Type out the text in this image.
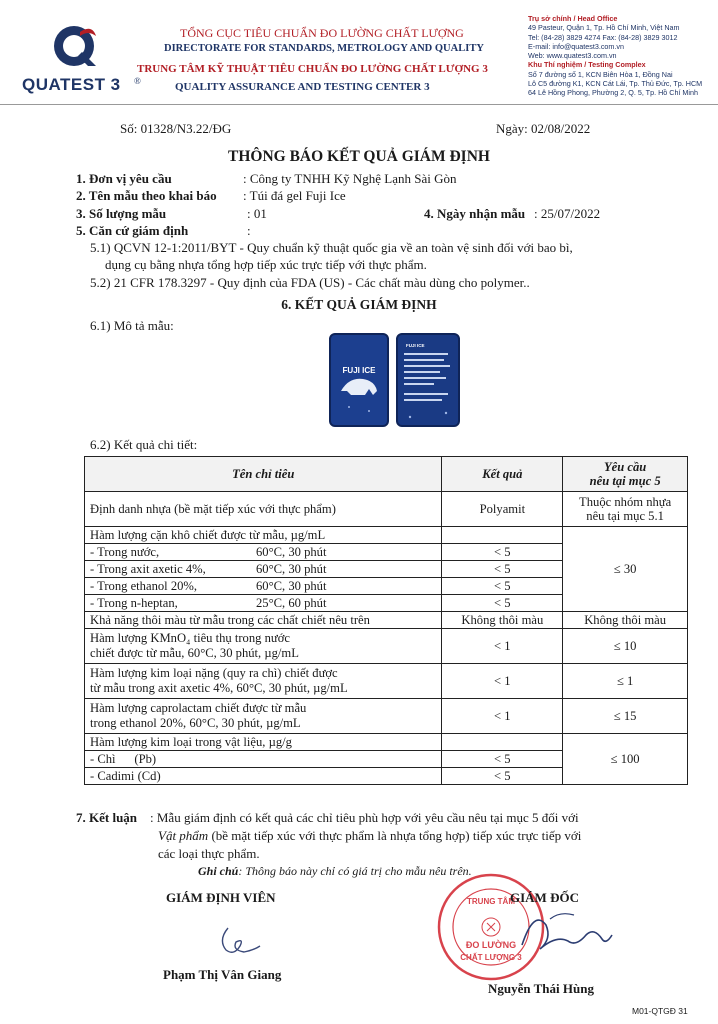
QUATEST 3 ®
TỔNG CỤC TIÊU CHUẨN ĐO LƯỜNG CHẤT LƯỢNG
DIRECTORATE FOR STANDARDS, METROLOGY AND QUALITY
TRUNG TÂM KỸ THUẬT TIÊU CHUẨN ĐO LƯỜNG CHẤT LƯỢNG 3
QUALITY ASSURANCE AND TESTING CENTER 3
Trụ sở chính / Head Office
49 Pasteur, Quận 1, Tp. Hồ Chí Minh, Việt Nam
Tel: (84-28) 3829 4274 Fax: (84-28) 3829 3012
E-mail: info@quatest3.com.vn
Web: www.quatest3.com.vn
Khu Thí nghiệm / Testing Complex
Số 7 đường số 1, KCN Biên Hòa 1, Đồng Nai
Lô C5 đường K1, KCN Cát Lái, Tp. Thủ Đức, Tp. HCM
64 Lê Hồng Phong, Phường 2, Q. 5, Tp. Hồ Chí Minh
Số: 01328/N3.22/ĐG	Ngày: 02/08/2022
THÔNG BÁO KẾT QUẢ GIÁM ĐỊNH
1. Đơn vị yêu cầu	: Công ty TNHH Kỹ Nghệ Lạnh Sài Gòn
2. Tên mẫu theo khai báo : Túi đá gel Fuji Ice
3. Số lượng mẫu	: 01	4. Ngày nhận mẫu : 25/07/2022
5. Căn cứ giám định	:
5.1) QCVN 12-1:2011/BYT - Quy chuẩn kỹ thuật quốc gia về an toàn vệ sinh đối với bao bì,
dụng cụ bằng nhựa tổng hợp tiếp xúc trực tiếp với thực phẩm.
5.2) 21 CFR 178.3297 - Quy định của FDA (US) - Các chất màu dùng cho polymer..
6. KẾT QUẢ GIÁM ĐỊNH
6.1) Mô tả mẫu:
FUJI ICE
FUJI ICE
6.2) Kết quả chi tiết:
Tên chỉ tiêu	Kết quả	Yêu cầu
nêu tại mục 5
Định danh nhựa (bề mặt tiếp xúc với thực phẩm)	Polyamit	Thuộc nhóm nhựa
nêu tại mục 5.1
Hàm lượng cặn khô chiết được từ mẫu, µg/mL		≤ 30
- Trong nước, 60°C, 30 phút	< 5	
- Trong axit axetic 4%, 60°C, 30 phút	< 5	
- Trong ethanol 20%, 60°C, 30 phút	< 5	
- Trong n-heptan, 25°C, 60 phút	< 5	
Khả năng thôi màu từ mẫu trong các chất chiết nêu trên	Không thôi màu	Không thôi màu
Hàm lượng KMnO₄ tiêu thụ trong nước
chiết được từ mẫu, 60°C, 30 phút, µg/mL	< 1	≤ 10
Hàm lượng kim loại nặng (quy ra chì) chiết được
từ mẫu trong axit axetic 4%, 60°C, 30 phút, µg/mL	< 1	≤ 1
Hàm lượng caprolactam chiết được từ mẫu
trong ethanol 20%, 60°C, 30 phút, µg/mL	< 1	≤ 15
Hàm lượng kim loại trong vật liệu, µg/g		≤ 100
- Chì      (Pb)	< 5	
- Cadimi (Cd)	< 5	
7. Kết luận : Mẫu giám định có kết quả các chỉ tiêu phù hợp với yêu cầu nêu tại mục 5 đối với
Vật phẩm (bề mặt tiếp xúc với thực phẩm là nhựa tổng hợp) tiếp xúc trực tiếp với
các loại thực phẩm.
Ghi chú: Thông báo này chỉ có giá trị cho mẫu nêu trên.
GIÁM ĐỊNH VIÊN
Phạm Thị Vân Giang
TRUNG TÂM
ĐO LƯỜNG
CHẤT LƯỢNG 3
GIÁM ĐỐC
Nguyễn Thái Hùng
M01-QTGĐ 31
